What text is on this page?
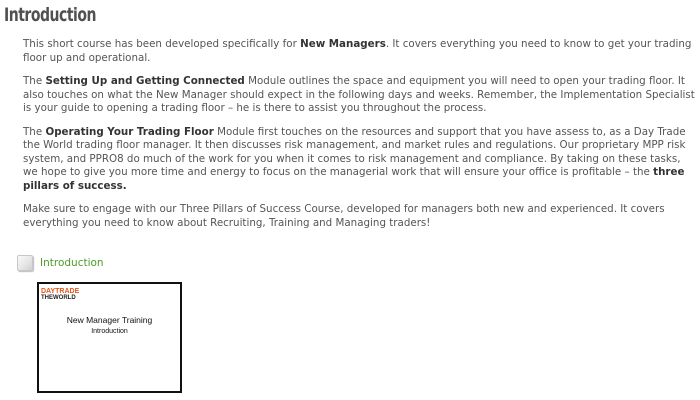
Introduction

This short course has been developed specifically for New Managers. It covers everything you need to know to get your trading floor up and operational.

The Setting Up and Getting Connected Module outlines the space and equipment you will need to open your trading floor. It also touches on what the New Manager should expect in the following days and weeks. Remember, the Implementation Specialist is your guide to opening a trading floor – he is there to assist you throughout the process.

The Operating Your Trading Floor Module first touches on the resources and support that you have assess to, as a Day Trade the World trading floor manager. It then discusses risk management, and market rules and regulations. Our proprietary MPP risk system, and PPRO8 do much of the work for you when it comes to risk management and compliance. By taking on these tasks, we hope to give you more time and energy to focus on the managerial work that will ensure your office is profitable – the three pillars of success.

Make sure to engage with our Three Pillars of Success Course, developed for managers both new and experienced. It covers everything you need to know about Recruiting, Training and Managing traders!

Introduction
DAYTRADE
THEWORLD
New Manager Training
Introduction
